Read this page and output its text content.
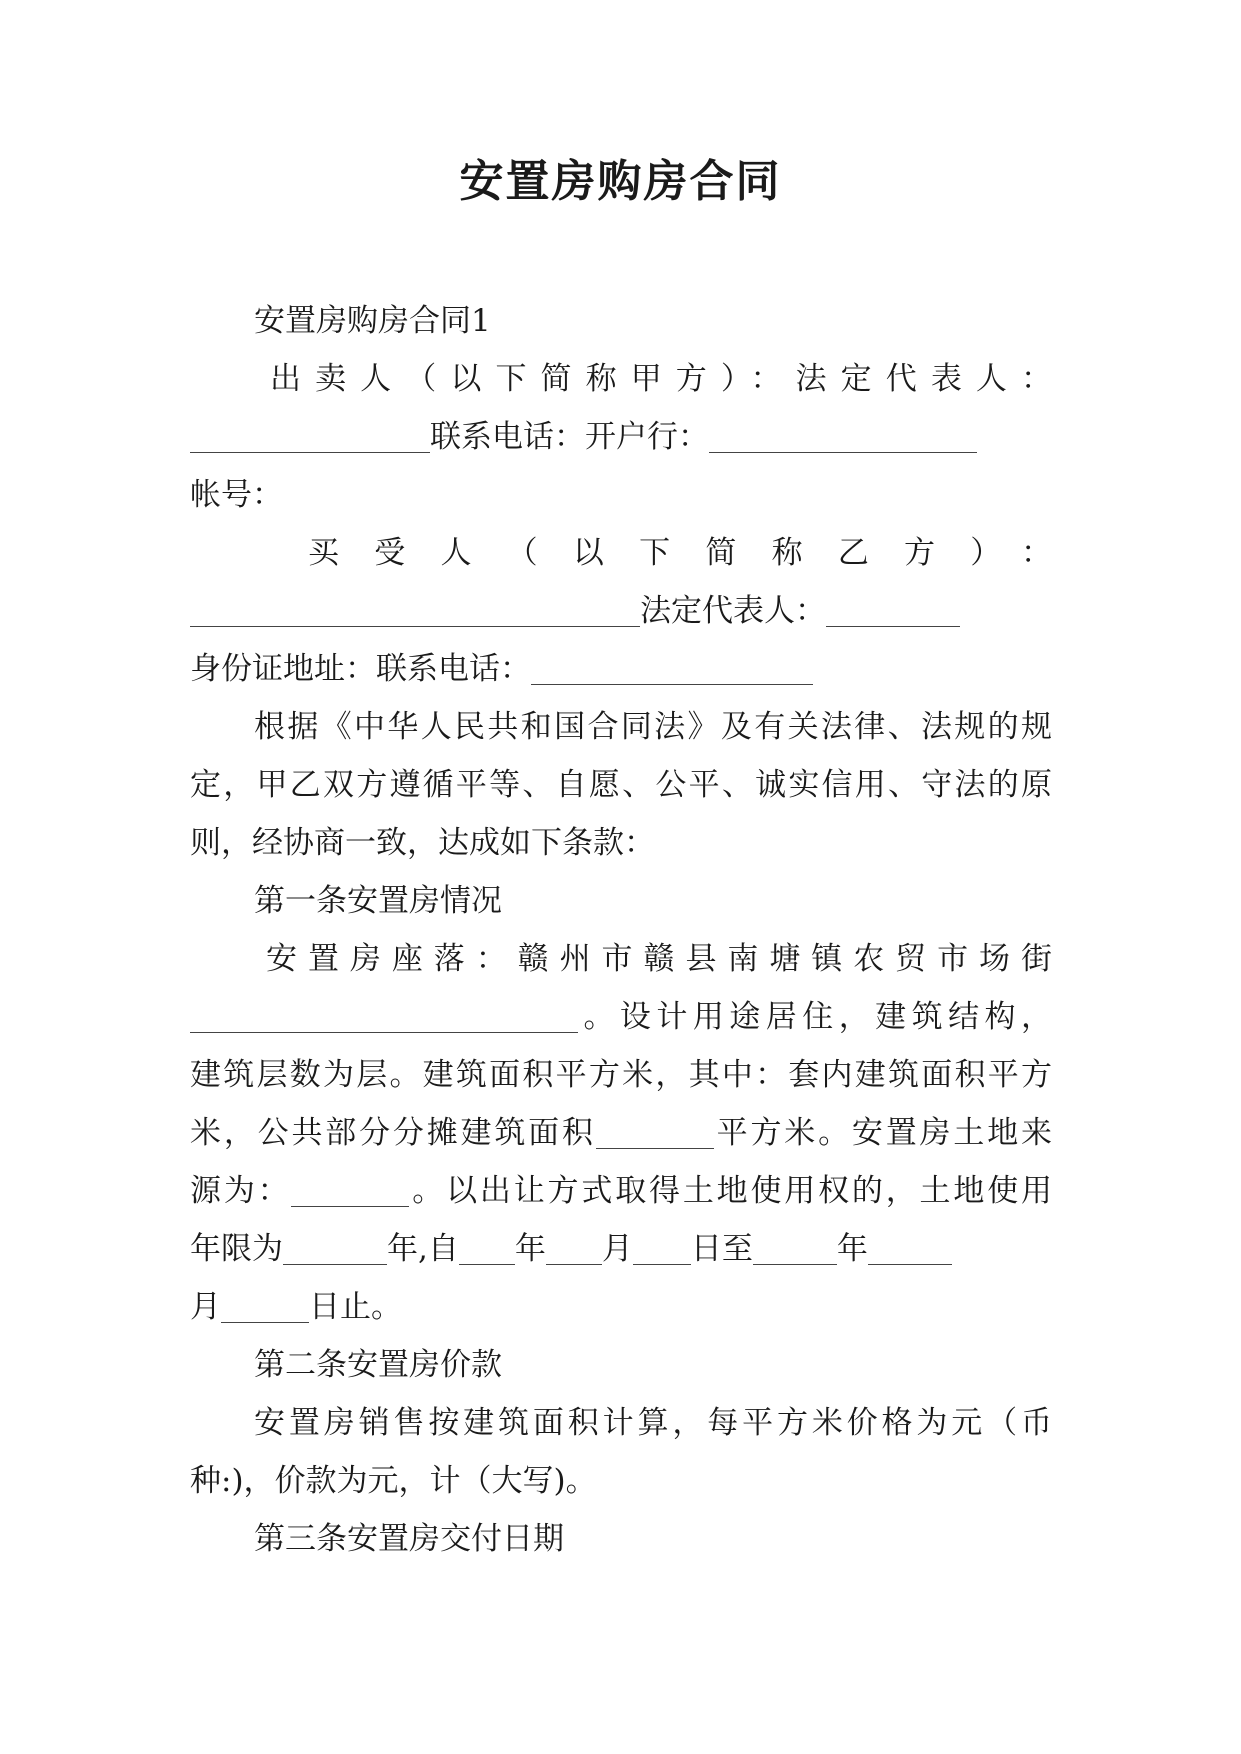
安置房购房合同

安置房购房合同1

出卖人（以下简称甲方）：法定代表人：

联系电话：开户行：

帐号：

买受人（以下简称乙方）：

法定代表人：

身份证地址：联系电话：

根据《中华人民共和国合同法》及有关法律、法规的规

定，甲乙双方遵循平等、自愿、公平、诚实信用、守法的原

则，经协商一致，达成如下条款：

第一条安置房情况

安置房座落：赣州市赣县南塘镇农贸市场街

。设计用途居住，建筑结构，

建筑层数为层。建筑面积平方米，其中：套内建筑面积平方

米，公共部分分摊建筑面积	平方米。安置房土地来

源为：	。以出让方式取得土地使用权的，土地使用

年限为	年,自 年 月 日至	年

月	日止。

第二条安置房价款

安置房销售按建筑面积计算，每平方米价格为元（币

种:)，价款为元，计（大写)。

第三条安置房交付日期
